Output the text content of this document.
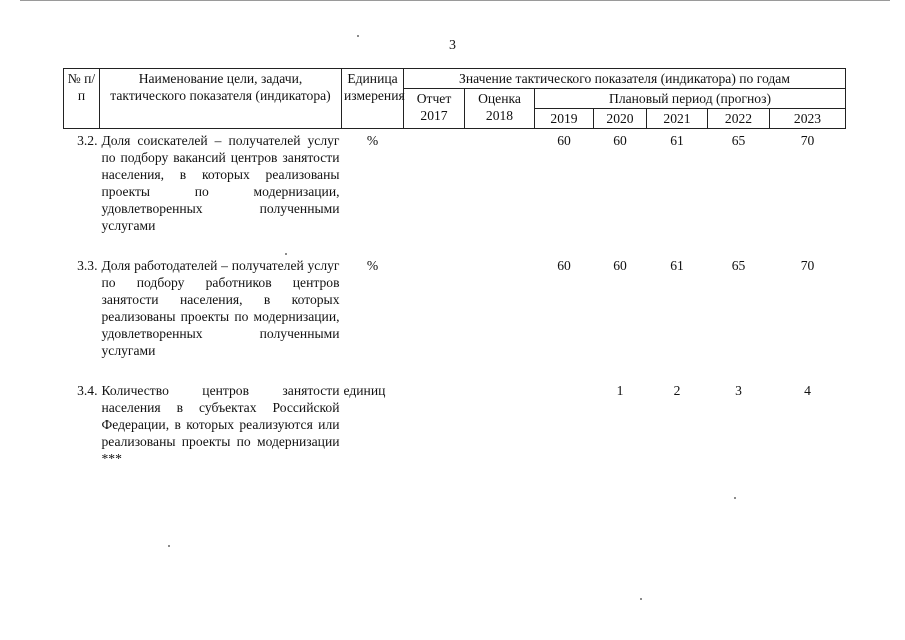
3
№ п/п	Наименование цели, задачи, тактического показателя (индикатора)	Единица измерения	Значение тактического показателя (индикатора) по годам						
			Отчет 2017	Оценка 2018	Плановый период (прогноз)				
					2019	2020	2021	2022	2023
3.2.	Доля соискателей – получателей услуг по подбору вакансий центров занятости населения, в которых реализованы проекты по модернизации, удовлетворенных полученными услугами	%			60	60	61	65	70

3.3.	Доля работодателей – получателей услуг по подбору работников центров занятости населения, в которых реализованы проекты по модернизации, удовлетворенных полученными услугами	%			60	60	61	65	70

3.4.	Количество центров занятости населения в субъектах Российской Федерации, в которых реализуются или реализованы проекты по модернизации ***	единиц				1	2	3	4
